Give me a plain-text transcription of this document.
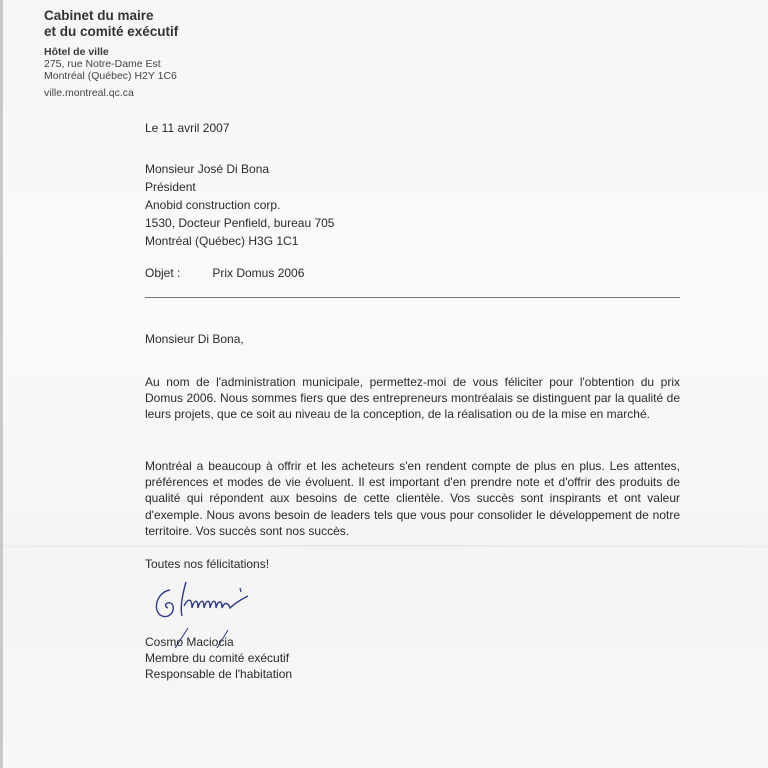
Cabinet du maire
et du comité exécutif
Hôtel de ville
275, rue Notre-Dame Est
Montréal (Québec) H2Y 1C6
ville.montreal.qc.ca
Le 11 avril 2007
Monsieur José Di Bona
Président
Anobid construction corp.
1530, Docteur Penfield, bureau 705
Montréal (Québec) H3G 1C1
Objet :	Prix Domus 2006
Monsieur Di Bona,
Au nom de l'administration municipale, permettez-moi de vous féliciter pour l'obtention du prix Domus 2006. Nous sommes fiers que des entrepreneurs montréalais se distinguent par la qualité de leurs projets, que ce soit au niveau de la conception, de la réalisation ou de la mise en marché.
Montréal a beaucoup à offrir et les acheteurs s'en rendent compte de plus en plus. Les attentes, préférences et modes de vie évoluent. Il est important d'en prendre note et d'offrir des produits de qualité qui répondent aux besoins de cette clientèle. Vos succès sont inspirants et ont valeur d'exemple. Nous avons besoin de leaders tels que vous pour consolider le développement de notre territoire. Vos succès sont nos succès.
Toutes nos félicitations!
Cosmo Maciocia
Membre du comité exécutif
Responsable de l'habitation
